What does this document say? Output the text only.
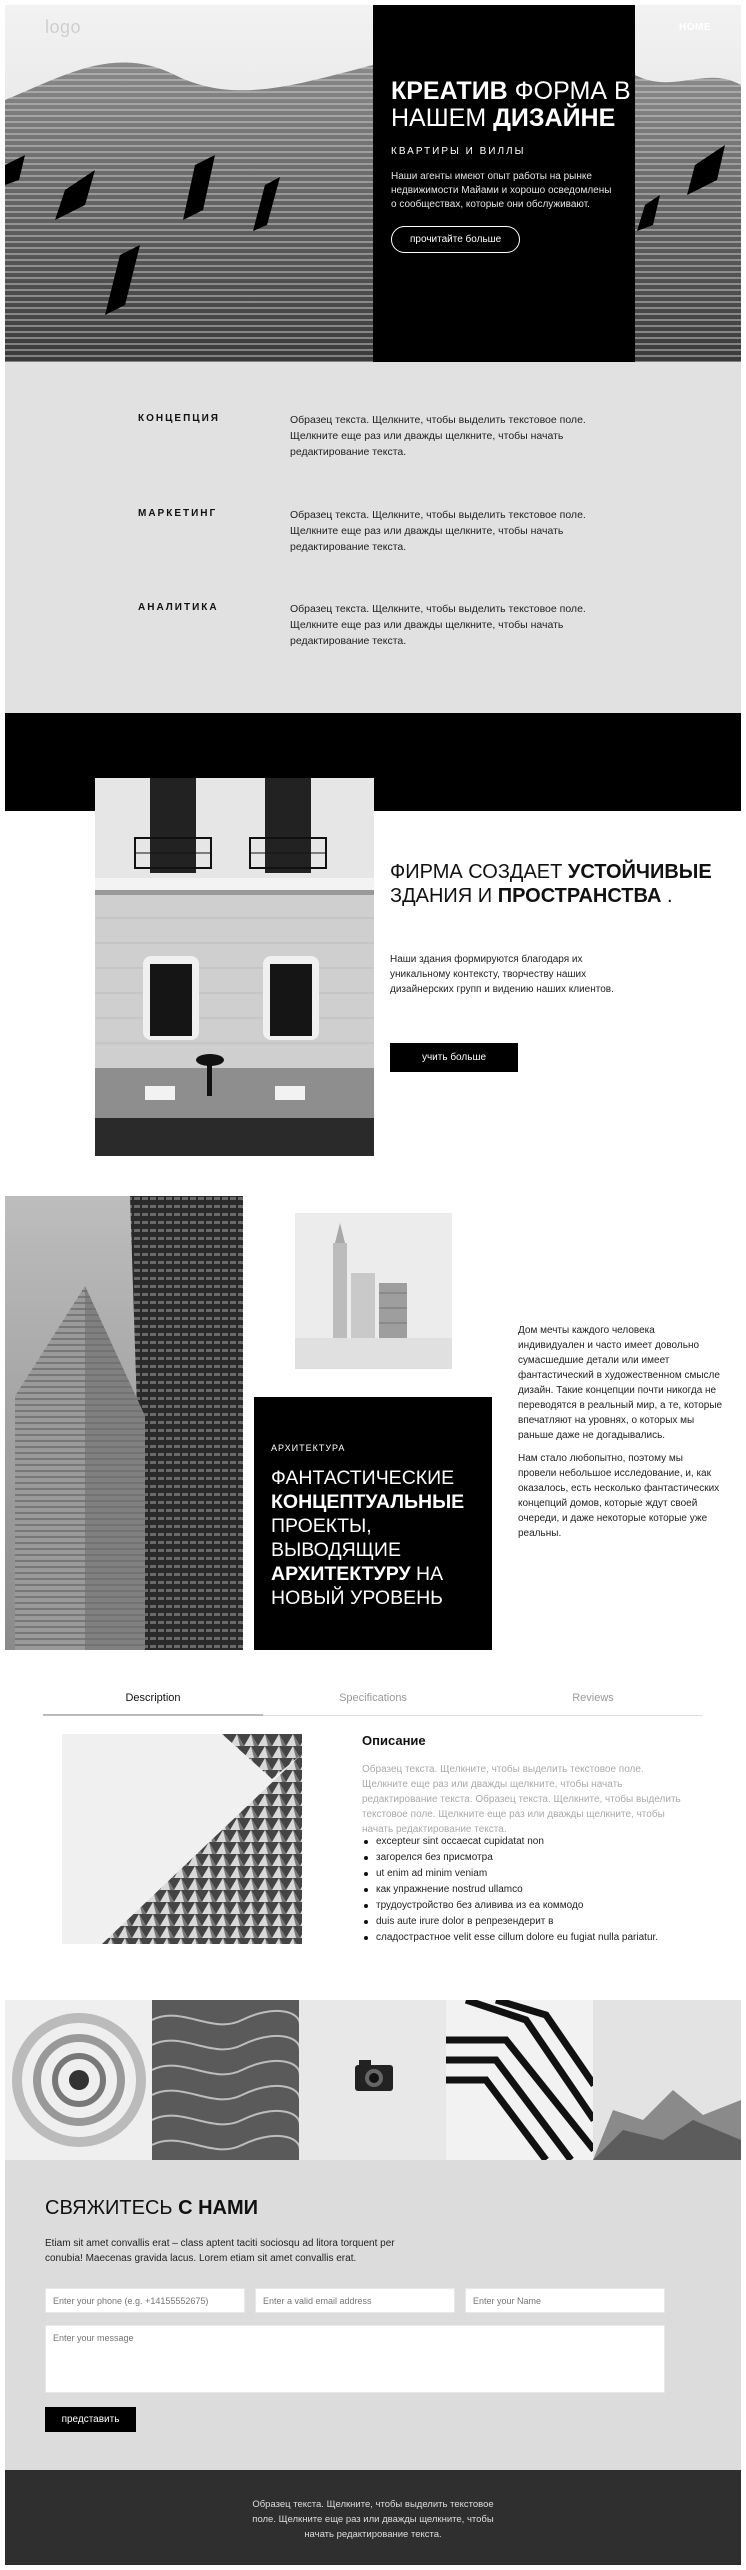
logo	HOME
КРЕАТИВ ФОРМА В НАШЕМ ДИЗАЙНЕ
КВАРТИРЫ И ВИЛЛЫ

Наши агенты имеют опыт работы на рынке недвижимости Майами и хорошо осведомлены о сообществах, которые они обслуживают.

прочитайте больше
КОНЦЕПЦИЯ	Образец текста. Щелкните, чтобы выделить текстовое поле. Щелкните еще раз или дважды щелкните, чтобы начать редактирование текста.

МАРКЕТИНГ	Образец текста. Щелкните, чтобы выделить текстовое поле. Щелкните еще раз или дважды щелкните, чтобы начать редактирование текста.

АНАЛИТИКА	Образец текста. Щелкните, чтобы выделить текстовое поле. Щелкните еще раз или дважды щелкните, чтобы начать редактирование текста.

ФИРМА СОЗДАЕТ УСТОЙЧИВЫЕ ЗДАНИЯ И ПРОСТРАНСТВА .

Наши здания формируются благодаря их уникальному контексту, творчеству наших дизайнерских групп и видению наших клиентов.

учить больше
АРХИТЕКТУРА
ФАНТАСТИЧЕСКИЕ КОНЦЕПТУАЛЬНЫЕ ПРОЕКТЫ, ВЫВОДЯЩИЕ АРХИТЕКТУРУ НА НОВЫЙ УРОВЕНЬ

Дом мечты каждого человека индивидуален и часто имеет довольно сумасшедшие детали или имеет фантастический в художественном смысле дизайн. Такие концепции почти никогда не переводятся в реальный мир, а те, которые впечатляют на уровнях, о которых мы раньше даже не догадывались.

Нам стало любопытно, поэтому мы провели небольшое исследование, и, как оказалось, есть несколько фантастических концепций домов, которые ждут своей очереди, и даже некоторые которые уже реальны.

Description	Specifications	Reviews
Описание

Образец текста. Щелкните, чтобы выделить текстовое поле. Щелкните еще раз или дважды щелкните, чтобы начать редактирование текста. Образец текста. Щелкните, чтобы выделить текстовое поле. Щелкните еще раз или дважды щелкните, чтобы начать редактирование текста.

excepteur sint occaecat cupidatat non
загорелся без присмотра
ut enim ad minim veniam
как упражнение nostrud ullamco
трудоустройство без аливива из ea коммодо
duis aute irure dolor в репрезендерит в
сладострастное velit esse cillum dolore eu fugiat nulla pariatur.
СВЯЖИТЕСЬ С НАМИ

Etiam sit amet convallis erat – class aptent taciti sociosqu ad litora torquent per conubia! Maecenas gravida lacus. Lorem etiam sit amet convallis erat.

Enter your phone (e.g. +14155552675)
Enter a valid email address
Enter your Name
Enter your message
представить

Образец текста. Щелкните, чтобы выделить текстовое поле. Щелкните еще раз или дважды щелкните, чтобы начать редактирование текста.
